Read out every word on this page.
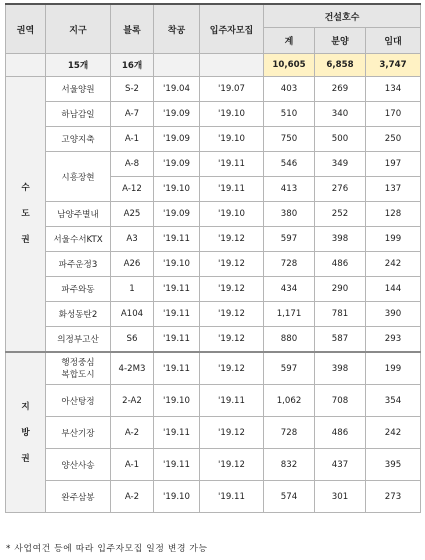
권역	지구	블록	착공	입주자모집	건설호수		
					계	분양	임대
	15개	16개			10,605	6,858	3,747

수
도
권	서울양원	S-2	'19.04	'19.07	403	269	134
	하남감일	A-7	'19.09	'19.10	510	340	170
	고양지축	A-1	'19.09	'19.10	750	500	250
	시흥장현	A-8	'19.09	'19.11	546	349	197
		A-12	'19.10	'19.11	413	276	137
	남양주별내	A25	'19.09	'19.10	380	252	128
	서울수서KTX	A3	'19.11	'19.12	597	398	199
	파주운정3	A26	'19.10	'19.12	728	486	242
	파주와동	1	'19.11	'19.12	434	290	144
	화성동탄2	A104	'19.11	'19.12	1,171	781	390
	의정부고산	S6	'19.11	'19.12	880	587	293

지
방
권	행정중심
복합도시	4-2M3	'19.11	'19.12	597	398	199
	아산탕정	2-A2	'19.10	'19.11	1,062	708	354
	부산기장	A-2	'19.11	'19.12	728	486	242
	양산사송	A-1	'19.11	'19.12	832	437	395
	완주삼봉	A-2	'19.10	'19.11	574	301	273
* 사업여건 등에 따라 입주자모집 일정 변경 가능
